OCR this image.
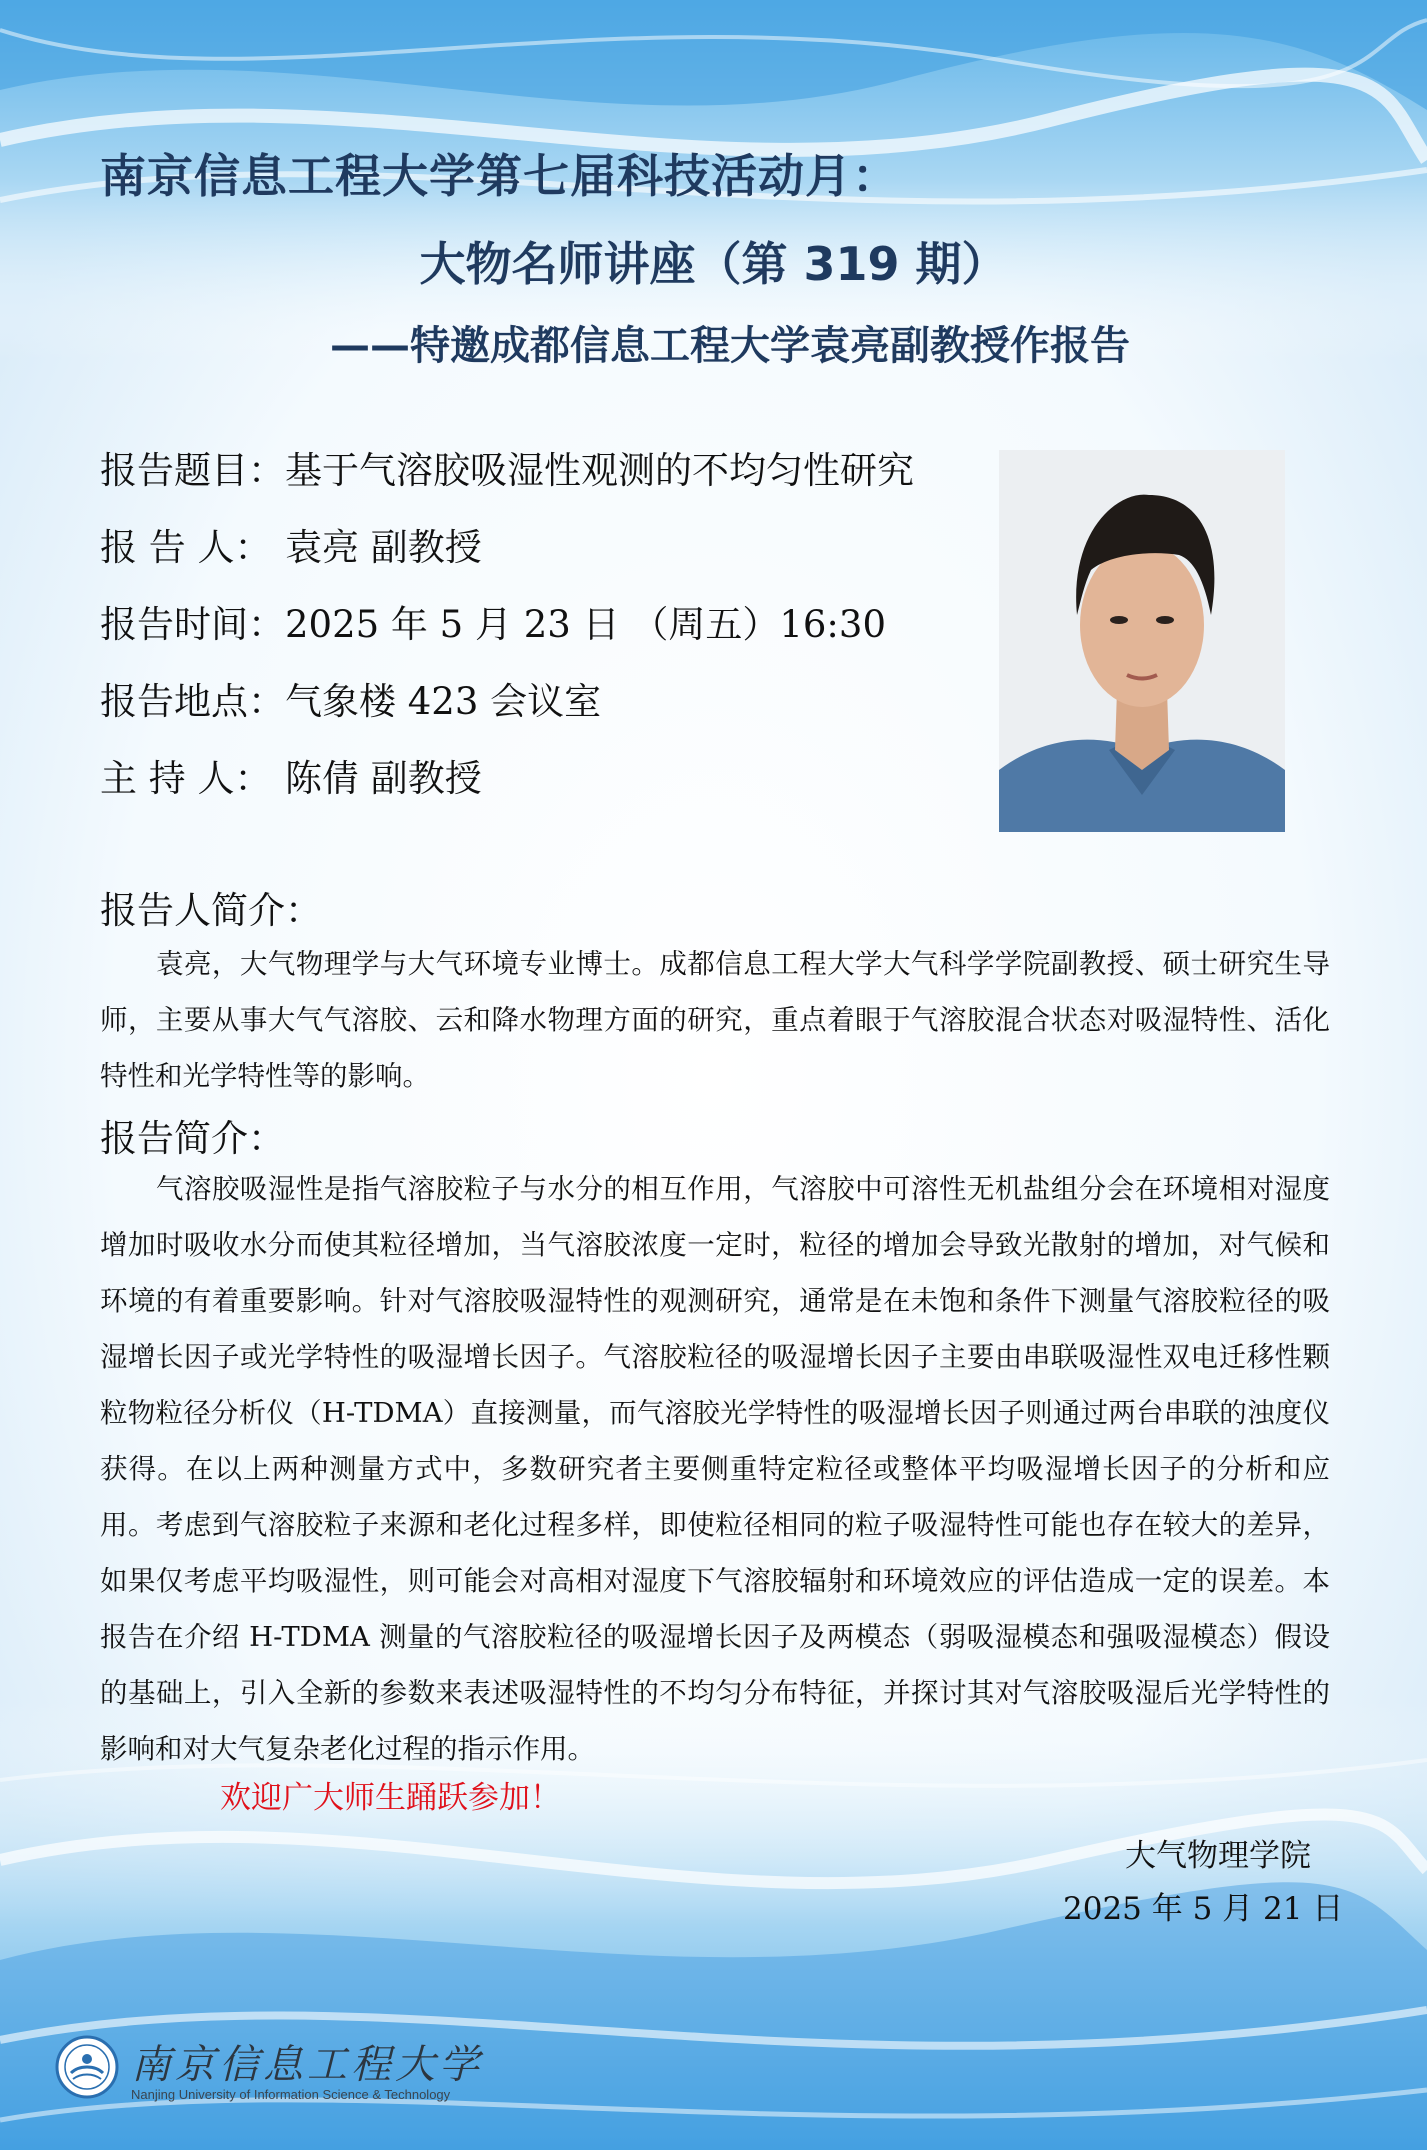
南京信息工程大学第七届科技活动月：
大物名师讲座（第 319 期）
——特邀成都信息工程大学袁亮副教授作报告
报告题目：基于气溶胶吸湿性观测的不均匀性研究
报 告 人： 袁亮 副教授
报告时间：2025 年 5 月 23 日 （周五）16:30
报告地点：气象楼 423 会议室
主 持 人： 陈倩 副教授
报告人简介：
袁亮，大气物理学与大气环境专业博士。成都信息工程大学大气科学学院副教授、硕士研究生导师，主要从事大气气溶胶、云和降水物理方面的研究，重点着眼于气溶胶混合状态对吸湿特性、活化特性和光学特性等的影响。
报告简介：
气溶胶吸湿性是指气溶胶粒子与水分的相互作用，气溶胶中可溶性无机盐组分会在环境相对湿度增加时吸收水分而使其粒径增加，当气溶胶浓度一定时，粒径的增加会导致光散射的增加，对气候和环境的有着重要影响。针对气溶胶吸湿特性的观测研究，通常是在未饱和条件下测量气溶胶粒径的吸湿增长因子或光学特性的吸湿增长因子。气溶胶粒径的吸湿增长因子主要由串联吸湿性双电迁移性颗粒物粒径分析仪（H-TDMA）直接测量，而气溶胶光学特性的吸湿增长因子则通过两台串联的浊度仪获得。在以上两种测量方式中，多数研究者主要侧重特定粒径或整体平均吸湿增长因子的分析和应用。考虑到气溶胶粒子来源和老化过程多样，即使粒径相同的粒子吸湿特性可能也存在较大的差异，如果仅考虑平均吸湿性，则可能会对高相对湿度下气溶胶辐射和环境效应的评估造成一定的误差。本报告在介绍 H-TDMA 测量的气溶胶粒径的吸湿增长因子及两模态（弱吸湿模态和强吸湿模态）假设的基础上，引入全新的参数来表述吸湿特性的不均匀分布特征，并探讨其对气溶胶吸湿后光学特性的影响和对大气复杂老化过程的指示作用。
欢迎广大师生踊跃参加！
大气物理学院
2025 年 5 月 21 日
南京信息工程大学
Nanjing University of Information Science & Technology
